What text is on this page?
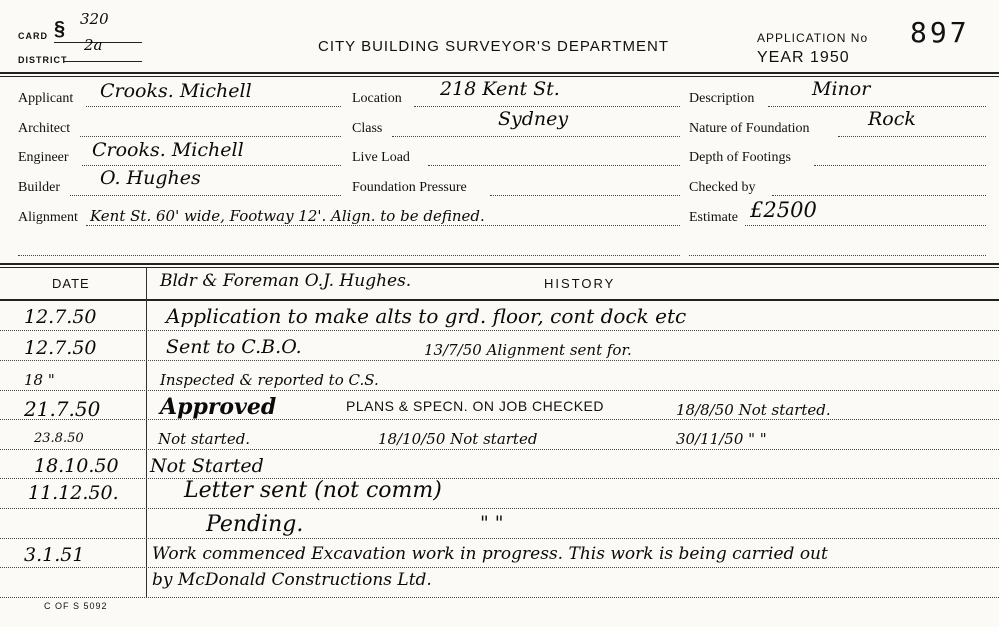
CARD
320
§
DISTRICT
2a	CITY BUILDING SURVEYOR'S DEPARTMENT	APPLICATION No 897
YEAR 1950
Applicant Crooks. Michell
Architect
Engineer Crooks. Michell
Builder O. Hughes
Alignment Kent St. 60' wide, Footway 12'. Align. to be defined.
Location 218 Kent St.
Class	Sydney
Live Load
Foundation Pressure
Description	Minor
Nature of Foundation	Rock
Depth of Footings
Checked by
Estimate £2500
DATE	HISTORY
Bldr & Foreman O.J. Hughes.
12.7.50	Application to make alts to grd. floor, cont dock etc
12.7.50	Sent to C.B.O.	13/7/50 Alignment sent for.
18 "	Inspected & reported to C.S.
21.7.50	Approved	PLANS & SPECN. ON JOB CHECKED	18/8/50 Not started.
23.8.50	Not started.	18/10/50 Not started	30/11/50 " "
18.10.50 Not Started
11.12.50.	Letter sent (not comm)
Pending.	" "
3.1.51	Work commenced Excavation work in progress. This work is being carried out
by McDonald Constructions Ltd.
C OF S 5092
